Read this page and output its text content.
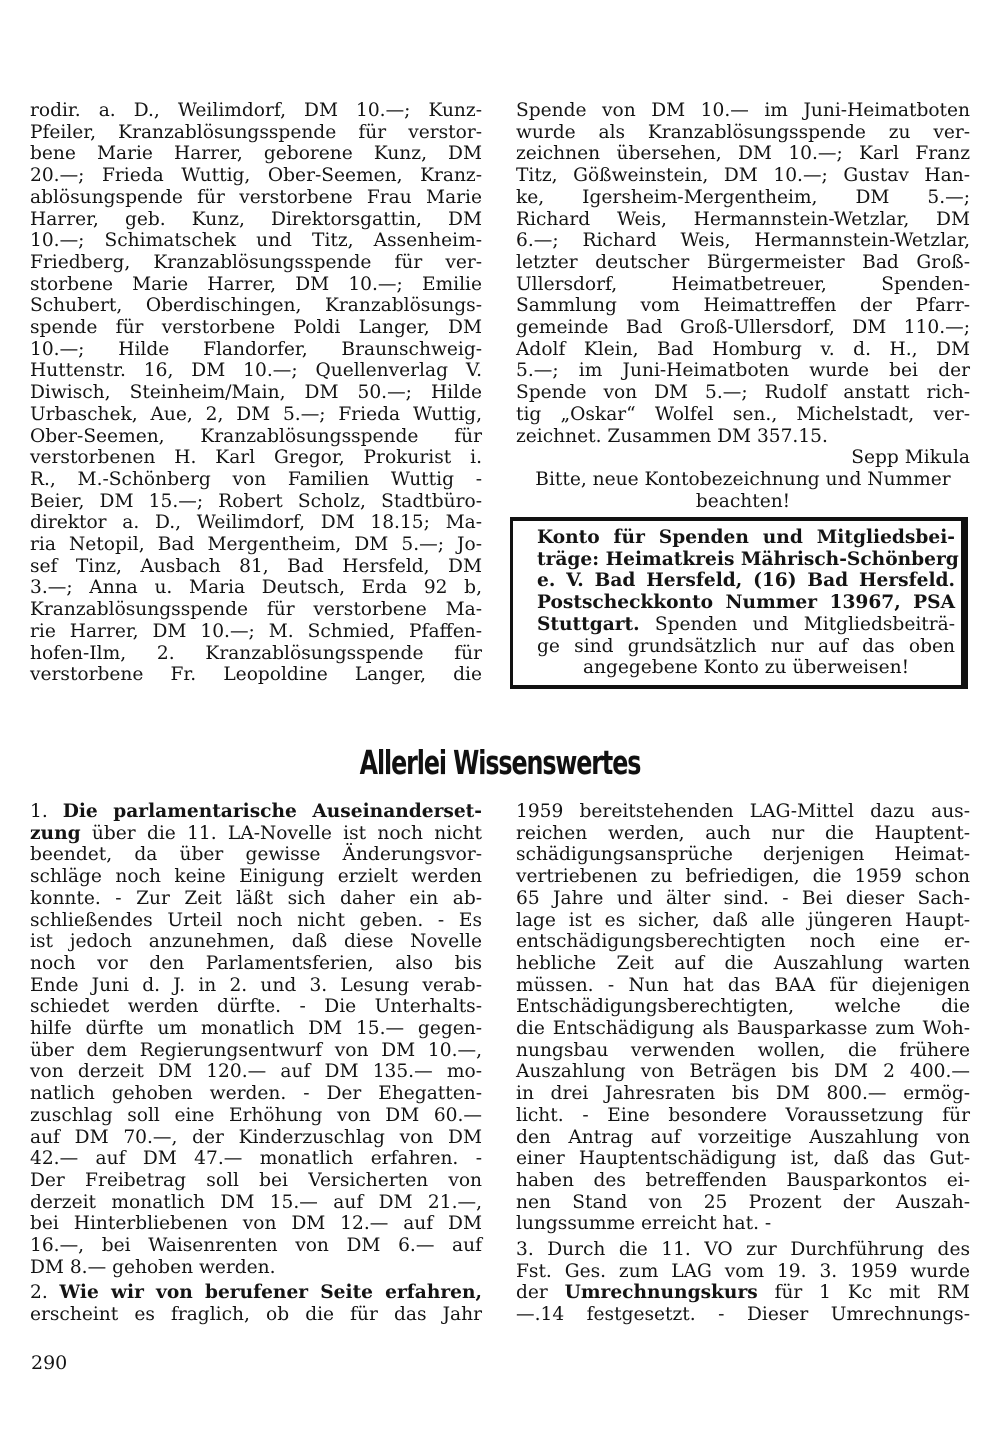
rodir. a. D., Weilimdorf, DM 10.—; Kunz-
Pfeiler, Kranzablösungsspende für verstor-
bene Marie Harrer, geborene Kunz, DM
20.—; Frieda Wuttig, Ober-Seemen, Kranz-
ablösungspende für verstorbene Frau Marie
Harrer, geb. Kunz, Direktorsgattin, DM
10.—; Schimatschek und Titz, Assenheim-
Friedberg, Kranzablösungsspende für ver-
storbene Marie Harrer, DM 10.—; Emilie
Schubert, Oberdischingen, Kranzablösungs-
spende für verstorbene Poldi Langer, DM
10.—; Hilde Flandorfer, Braunschweig-
Huttenstr. 16, DM 10.—; Quellenverlag V.
Diwisch, Steinheim/Main, DM 50.—; Hilde
Urbaschek, Aue, 2, DM 5.—; Frieda Wuttig,
Ober-Seemen, Kranzablösungsspende für
verstorbenen H. Karl Gregor, Prokurist i.
R., M.-Schönberg von Familien Wuttig -
Beier, DM 15.—; Robert Scholz, Stadtbüro-
direktor a. D., Weilimdorf, DM 18.15; Ma-
ria Netopil, Bad Mergentheim, DM 5.—; Jo-
sef Tinz, Ausbach 81, Bad Hersfeld, DM
3.—; Anna u. Maria Deutsch, Erda 92 b,
Kranzablösungsspende für verstorbene Ma-
rie Harrer, DM 10.—; M. Schmied, Pfaffen-
hofen-Ilm, 2. Kranzablösungsspende für
verstorbene Fr. Leopoldine Langer, die
Spende von DM 10.— im Juni-Heimatboten
wurde als Kranzablösungsspende zu ver-
zeichnen übersehen, DM 10.—; Karl Franz
Titz, Gößweinstein, DM 10.—; Gustav Han-
ke, Igersheim-Mergentheim, DM 5.—;
Richard Weis, Hermannstein-Wetzlar, DM
6.—; Richard Weis, Hermannstein-Wetzlar,
letzter deutscher Bürgermeister Bad Groß-
Ullersdorf, Heimatbetreuer, Spenden-
Sammlung vom Heimattreffen der Pfarr-
gemeinde Bad Groß-Ullersdorf, DM 110.—;
Adolf Klein, Bad Homburg v. d. H., DM
5.—; im Juni-Heimatboten wurde bei der
Spende von DM 5.—; Rudolf anstatt rich-
tig „Oskar“ Wolfel sen., Michelstadt, ver-
zeichnet. Zusammen DM 357.15.
Sepp Mikula
Bitte, neue Kontobezeichnung und Nummer
beachten!
Konto für Spenden und Mitgliedsbei-
träge: Heimatkreis Mährisch-Schönberg
e. V. Bad Hersfeld, (16) Bad Hersfeld.
Postscheckkonto Nummer 13967, PSA
Stuttgart. Spenden und Mitgliedsbeiträ-
ge sind grundsätzlich nur auf das oben
angegebene Konto zu überweisen!
Allerlei Wissenswertes
1. Die parlamentarische Auseinanderset-
zung über die 11. LA-Novelle ist noch nicht
beendet, da über gewisse Änderungsvor-
schläge noch keine Einigung erzielt werden
konnte. - Zur Zeit läßt sich daher ein ab-
schließendes Urteil noch nicht geben. - Es
ist jedoch anzunehmen, daß diese Novelle
noch vor den Parlamentsferien, also bis
Ende Juni d. J. in 2. und 3. Lesung verab-
schiedet werden dürfte. - Die Unterhalts-
hilfe dürfte um monatlich DM 15.— gegen-
über dem Regierungsentwurf von DM 10.—,
von derzeit DM 120.— auf DM 135.— mo-
natlich gehoben werden. - Der Ehegatten-
zuschlag soll eine Erhöhung von DM 60.—
auf DM 70.—, der Kinderzuschlag von DM
42.— auf DM 47.— monatlich erfahren. -
Der Freibetrag soll bei Versicherten von
derzeit monatlich DM 15.— auf DM 21.—,
bei Hinterbliebenen von DM 12.— auf DM
16.—, bei Waisenrenten von DM 6.— auf
DM 8.— gehoben werden.
2. Wie wir von berufener Seite erfahren,
erscheint es fraglich, ob die für das Jahr
1959 bereitstehenden LAG-Mittel dazu aus-
reichen werden, auch nur die Hauptent-
schädigungsansprüche derjenigen Heimat-
vertriebenen zu befriedigen, die 1959 schon
65 Jahre und älter sind. - Bei dieser Sach-
lage ist es sicher, daß alle jüngeren Haupt-
entschädigungsberechtigten noch eine er-
hebliche Zeit auf die Auszahlung warten
müssen. - Nun hat das BAA für diejenigen
Entschädigungsberechtigten, welche die
die Entschädigung als Bausparkasse zum Woh-
nungsbau verwenden wollen, die frühere
Auszahlung von Beträgen bis DM 2 400.—
in drei Jahresraten bis DM 800.— ermög-
licht. - Eine besondere Voraussetzung für
den Antrag auf vorzeitige Auszahlung von
einer Hauptentschädigung ist, daß das Gut-
haben des betreffenden Bausparkontos ei-
nen Stand von 25 Prozent der Auszah-
lungssumme erreicht hat. -
3. Durch die 11. VO zur Durchführung des
Fst. Ges. zum LAG vom 19. 3. 1959 wurde
der Umrechnungskurs für 1 Kc mit RM
—.14 festgesetzt. - Dieser Umrechnungs-
290
